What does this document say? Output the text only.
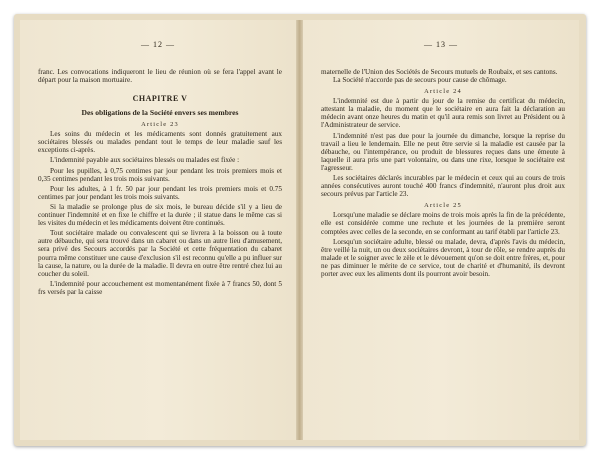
— 12 —

franc. Les convocations indiqueront le lieu de réunion où se fera l'appel avant le départ pour la maison mortuaire.

CHAPITRE V
Des obligations de la Société envers ses membres
Article 23

Les soins du médecin et les médicaments sont donnés gratuitement aux sociétaires blessés ou malades pendant tout le temps de leur maladie sauf les exceptions ci-après.

L'indemnité payable aux sociétaires blessés ou malades est fixée :

Pour les pupilles, à 0,75 centimes par jour pendant les trois premiers mois et 0,35 centimes pendant les trois mois suivants.

Pour les adultes, à 1 fr. 50 par jour pendant les trois premiers mois et 0.75 centimes par jour pendant les trois mois suivants.

Si la maladie se prolonge plus de six mois, le bureau décide s'il y a lieu de continuer l'indemnité et en fixe le chiffre et la durée ; il statue dans le même cas si les visites du médecin et les médicaments doivent être continués.

Tout sociétaire malade ou convalescent qui se livrera à la boisson ou à toute autre débauche, qui sera trouvé dans un cabaret ou dans un autre lieu d'amusement, sera privé des Secours accordés par la Société et cette fréquentation du cabaret pourra même constituer une cause d'exclusion s'il est reconnu qu'elle a pu influer sur la cause, la nature, ou la durée de la maladie. Il devra en outre être rentré chez lui au coucher du soleil.

L'indemnité pour accouchement est momentanément fixée à 7 francs 50, dont 5 frs versés par la caisse

— 13 —

maternelle de l'Union des Sociétés de Secours mutuels de Roubaix, et ses cantons.

La Société n'accorde pas de secours pour cause de chômage.

Article 24

L'indemnité est due à partir du jour de la remise du certificat du médecin, attestant la maladie, du moment que le sociétaire en aura fait la déclaration au médecin avant onze heures du matin et qu'il aura remis son livret au Président ou à l'Administrateur de service.

L'indemnité n'est pas due pour la journée du dimanche, lorsque la reprise du travail a lieu le lendemain. Elle ne peut être servie si la maladie est causée par la débauche, ou l'intempérance, ou produit de blessures reçues dans une émeute à laquelle il aura pris une part volontaire, ou dans une rixe, lorsque le sociétaire est l'agresseur.

Les sociétaires déclarés incurables par le médecin et ceux qui au cours de trois années consécutives auront touché 400 francs d'indemnité, n'auront plus droit aux secours prévus par l'article 23.

Article 25

Lorsqu'une maladie se déclare moins de trois mois après la fin de la précédente, elle est considérée comme une rechute et les journées de la première seront comptées avec celles de la seconde, en se conformant au tarif établi par l'article 23.

Lorsqu'un sociétaire adulte, blessé ou malade, devra, d'après l'avis du médecin, être veillé la nuit, un ou deux sociétaires devront, à tour de rôle, se rendre auprès du malade et le soigner avec le zèle et le dévouement qu'on se doit entre frères, et, pour ne pas diminuer le mérite de ce service, tout de charité et d'humanité, ils devront porter avec eux les aliments dont ils pourront avoir besoin.
